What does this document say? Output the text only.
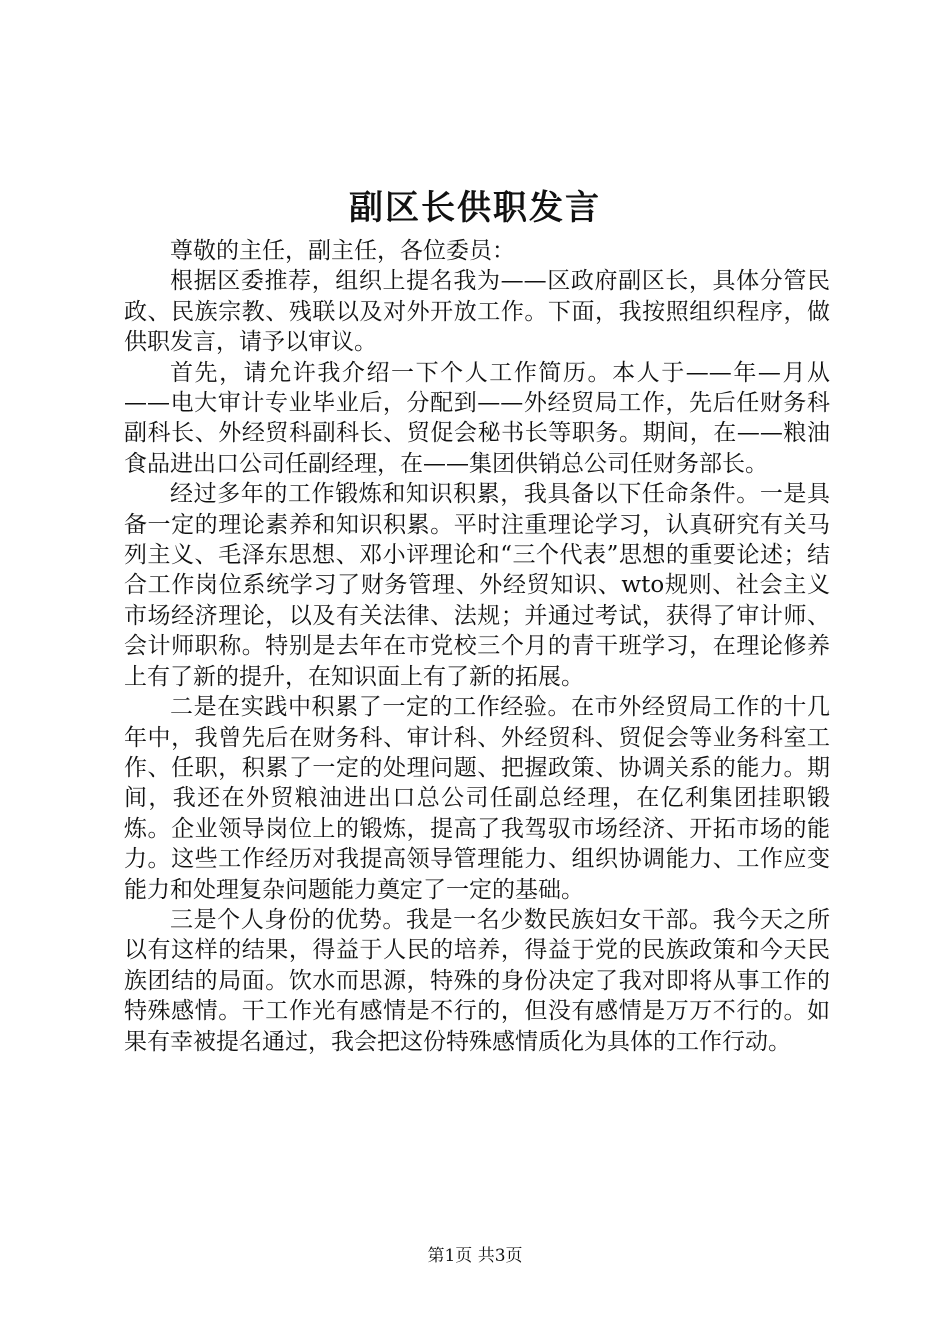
副区长供职发言

尊敬的主任，副主任，各位委员：

根据区委推荐，组织上提名我为——区政府副区长，具体分管民政、民族宗教、残联以及对外开放工作。下面，我按照组织程序，做供职发言，请予以审议。

首先，请允许我介绍一下个人工作简历。本人于——年—月从——电大审计专业毕业后，分配到——外经贸局工作，先后任财务科副科长、外经贸科副科长、贸促会秘书长等职务。期间，在——粮油食品进出口公司任副经理，在——集团供销总公司任财务部长。

经过多年的工作锻炼和知识积累，我具备以下任命条件。一是具备一定的理论素养和知识积累。平时注重理论学习，认真研究有关马列主义、毛泽东思想、邓小评理论和“三个代表”思想的重要论述；结合工作岗位系统学习了财务管理、外经贸知识、wto规则、社会主义市场经济理论，以及有关法律、法规；并通过考试，获得了审计师、会计师职称。特别是去年在市党校三个月的青干班学习，在理论修养上有了新的提升，在知识面上有了新的拓展。

二是在实践中积累了一定的工作经验。在市外经贸局工作的十几年中，我曾先后在财务科、审计科、外经贸科、贸促会等业务科室工作、任职，积累了一定的处理问题、把握政策、协调关系的能力。期间，我还在外贸粮油进出口总公司任副总经理，在亿利集团挂职锻炼。企业领导岗位上的锻炼，提高了我驾驭市场经济、开拓市场的能力。这些工作经历对我提高领导管理能力、组织协调能力、工作应变能力和处理复杂问题能力奠定了一定的基础。

三是个人身份的优势。我是一名少数民族妇女干部。我今天之所以有这样的结果，得益于人民的培养，得益于党的民族政策和今天民族团结的局面。饮水而思源，特殊的身份决定了我对即将从事工作的特殊感情。干工作光有感情是不行的，但没有感情是万万不行的。如果有幸被提名通过，我会把这份特殊感情质化为具体的工作行动。

第1页 共3页
